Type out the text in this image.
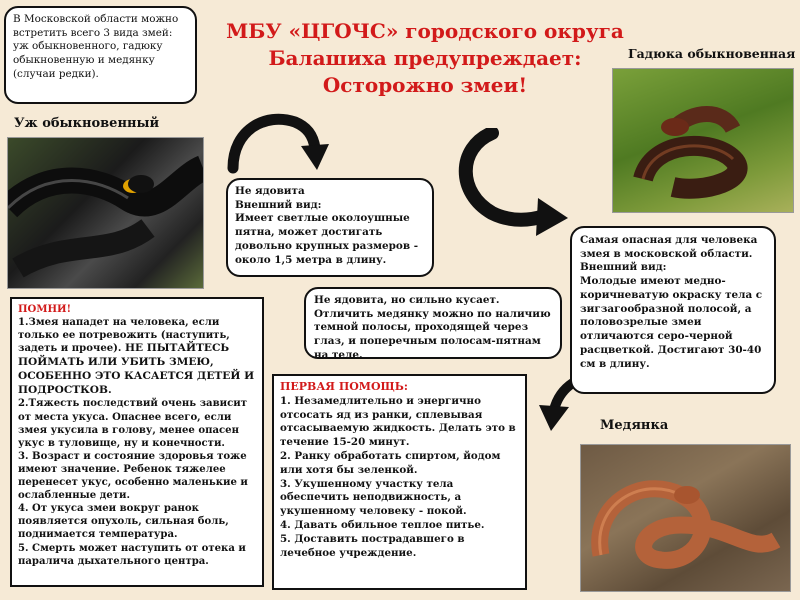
В Московской области можно встретить всего 3 вида змей: уж обыкновенного, гадюку обыкновенную и медянку (случаи редки).
МБУ «ЦГОЧС» городского округа
Балашиха предупреждает:
Осторожно змеи!
Уж обыкновенный
Не ядовита
Внешний вид:
Имеет светлые околоушные пятна, может достигать довольно крупных размеров - около 1,5 метра в длину.
Гадюка обыкновенная
Самая опасная для человека змея в московской области.
Внешний вид:
Молодые имеют медно-коричневатую окраску тела с зигзагообразной полосой, а половозрелые змеи отличаются серо-черной расцветкой. Достигают 30-40 см в длину.
Не ядовита, но сильно кусает.
Отличить медянку можно по наличию темной полосы, проходящей через глаз, и поперечным полосам-пятнам на теле.
ПОМНИ!
1.Змея нападет на человека, если только ее потревожить (наступить, задеть и прочее). НЕ ПЫТАЙТЕСЬ ПОЙМАТЬ ИЛИ УБИТЬ ЗМЕЮ, ОСОБЕННО ЭТО КАСАЕТСЯ ДЕТЕЙ И ПОДРОСТКОВ.
2.Тяжесть последствий очень зависит от места укуса. Опаснее всего, если змея укусила в голову, менее опасен укус в туловище, ну и конечности.
3. Возраст и состояние здоровья тоже имеют значение. Ребенок тяжелее перенесет укус, особенно маленькие и ослабленные дети.
4. От укуса змеи вокруг ранок появляется опухоль, сильная боль, поднимается температура.
5. Смерть может наступить от отека и паралича дыхательного центра.
ПЕРВАЯ ПОМОЩЬ:
1. Незамедлительно и энергично отсосать яд из ранки, сплевывая отсасываемую жидкость. Делать это в течение 15-20 минут.
2. Ранку обработать спиртом, йодом или хотя бы зеленкой.
3. Укушенному участку тела обеспечить неподвижность, а укушенному человеку - покой.
4. Давать обильное теплое питье.
5. Доставить пострадавшего в лечебное учреждение.
Медянка
